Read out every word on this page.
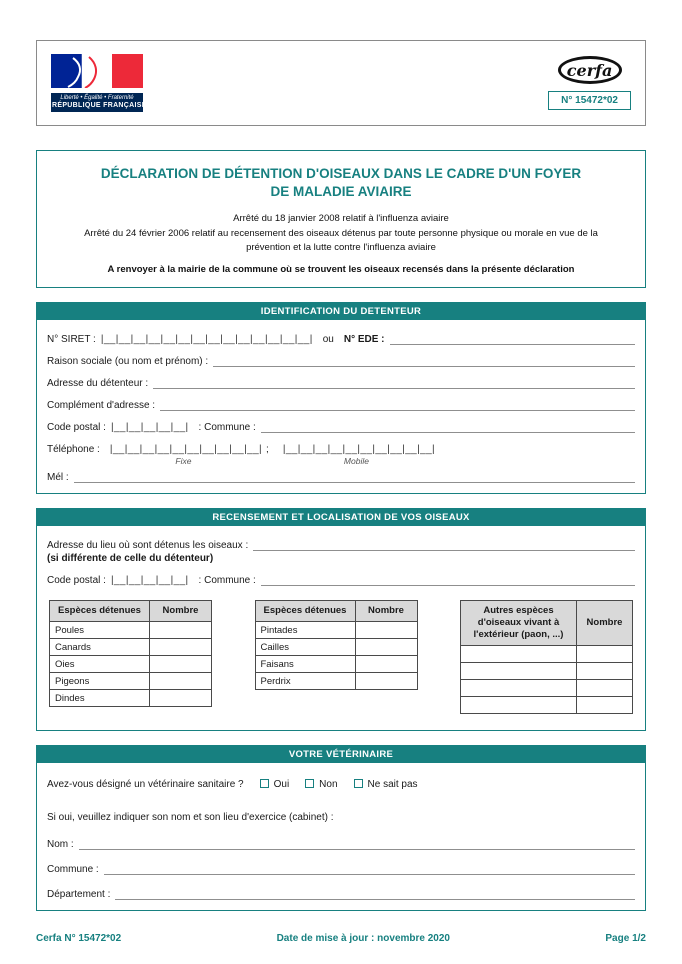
Liberté • Égalité • Fraternité
RÉPUBLIQUE FRANÇAISE
cerfa
N° 15472*02
DÉCLARATION DE DÉTENTION D'OISEAUX DANS LE CADRE D'UN FOYER
DE MALADIE AVIAIRE
Arrêté du 18 janvier 2008 relatif à l'influenza aviaire
Arrêté du 24 février 2006 relatif au recensement des oiseaux détenus par toute personne physique ou morale en vue de la
prévention et la lutte contre l'influenza aviaire
A renvoyer à la mairie de la commune où se trouvent les oiseaux recensés dans la présente déclaration
IDENTIFICATION DU DETENTEUR
N° SIRET : |__|__|__|__|__|__|__|__|__|__|__|__|__|__| ou N° EDE :
Raison sociale (ou nom et prénom) :
Adresse du détenteur :
Complément d'adresse :
Code postal : |__|__|__|__|__| : Commune :
Téléphone : |__|__|__|__|__|__|__|__|__|__|
Fixe
; |__|__|__|__|__|__|__|__|__|__|
Mobile
Mél :
RECENSEMENT ET LOCALISATION DE VOS OISEAUX
Adresse du lieu où sont détenus les oiseaux :
(si différente de celle du détenteur)
Code postal : |__|__|__|__|__| : Commune :
Espèces détenues	Nombre
Poules	
Canards	
Oies	
Pigeons	
Dindes	
Espèces détenues	Nombre
Pintades	
Cailles	
Faisans	
Perdrix	
Autres espèces d'oiseaux vivant à l'extérieur (paon, ...)	Nombre

VOTRE VÉTÉRINAIRE
Avez-vous désigné un vétérinaire sanitaire ?	Oui	Non	Ne sait pas
Si oui, veuillez indiquer son nom et son lieu d'exercice (cabinet) :
Nom :
Commune :
Département :
Cerfa N° 15472*02	Date de mise à jour : novembre 2020	Page 1/2
